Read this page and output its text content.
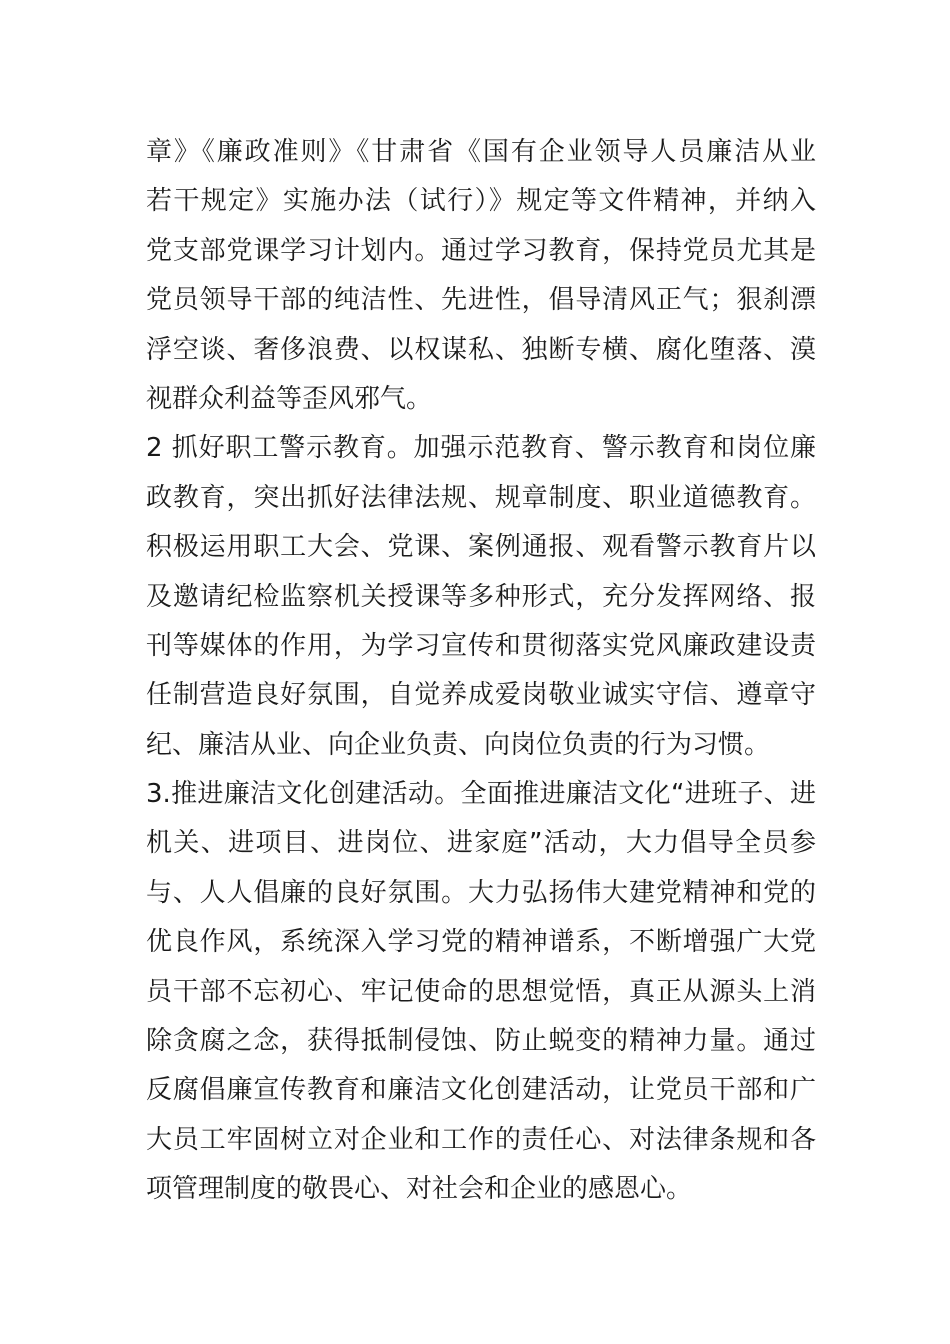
章》《廉政准则》《甘肃省《国有企业领导人员廉洁从业
若干规定》实施办法（试行）》规定等文件精神，并纳入
党支部党课学习计划内。通过学习教育，保持党员尤其是
党员领导干部的纯洁性、先进性，倡导清风正气；狠刹漂
浮空谈、奢侈浪费、以权谋私、独断专横、腐化堕落、漠
视群众利益等歪风邪气。
2 抓好职工警示教育。加强示范教育、警示教育和岗位廉
政教育，突出抓好法律法规、规章制度、职业道德教育。
积极运用职工大会、党课、案例通报、观看警示教育片以
及邀请纪检监察机关授课等多种形式，充分发挥网络、报
刊等媒体的作用，为学习宣传和贯彻落实党风廉政建设责
任制营造良好氛围，自觉养成爱岗敬业诚实守信、遵章守
纪、廉洁从业、向企业负责、向岗位负责的行为习惯。
3.推进廉洁文化创建活动。全面推进廉洁文化“进班子、进
机关、进项目、进岗位、进家庭”活动，大力倡导全员参
与、人人倡廉的良好氛围。大力弘扬伟大建党精神和党的
优良作风，系统深入学习党的精神谱系，不断增强广大党
员干部不忘初心、牢记使命的思想觉悟，真正从源头上消
除贪腐之念，获得抵制侵蚀、防止蜕变的精神力量。通过
反腐倡廉宣传教育和廉洁文化创建活动，让党员干部和广
大员工牢固树立对企业和工作的责任心、对法律条规和各
项管理制度的敬畏心、对社会和企业的感恩心。
